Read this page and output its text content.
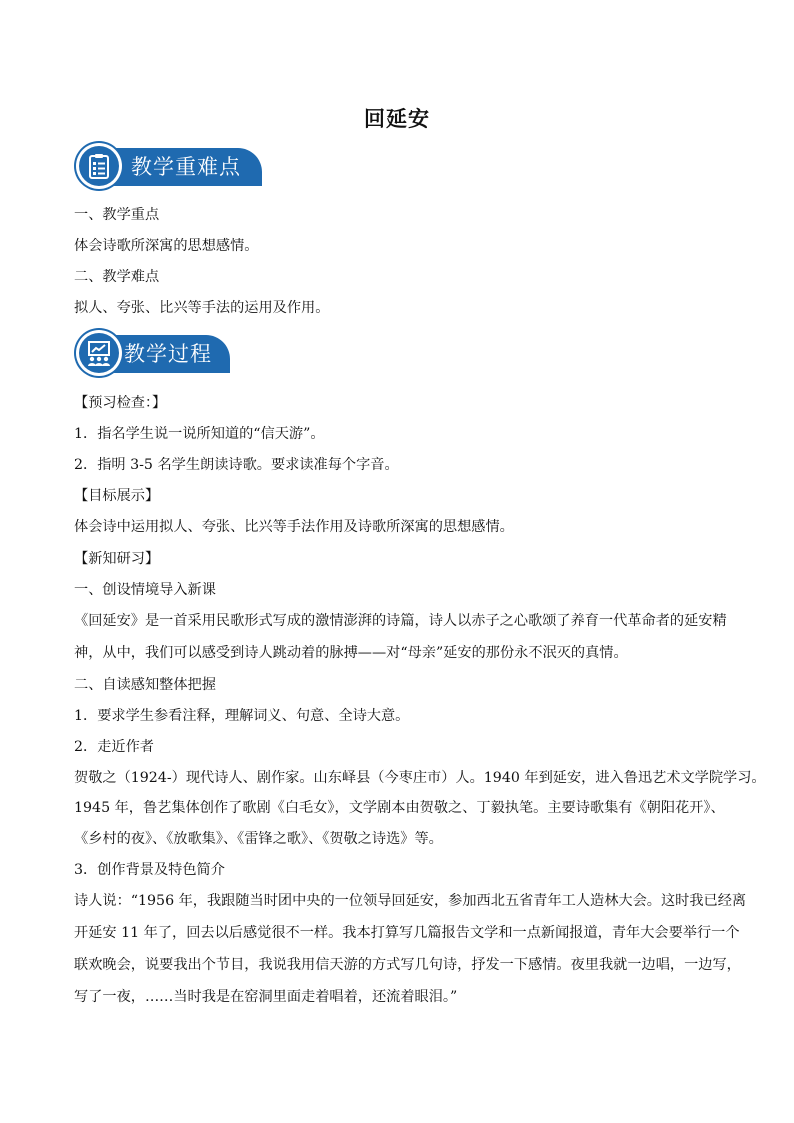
回延安
教学重难点
一、教学重点
体会诗歌所深寓的思想感情。
二、教学难点
拟人、夸张、比兴等手法的运用及作用。
教学过程
【预习检查：】
1．指名学生说一说所知道的“信天游”。
2．指明 3-5 名学生朗读诗歌。要求读准每个字音。
【目标展示】
体会诗中运用拟人、夸张、比兴等手法作用及诗歌所深寓的思想感情。
【新知研习】
一、创设情境导入新课
《回延安》是一首采用民歌形式写成的激情澎湃的诗篇，诗人以赤子之心歌颂了养育一代革命者的延安精
神，从中，我们可以感受到诗人跳动着的脉搏——对“母亲”延安的那份永不泯灭的真情。
二、自读感知整体把握
1．要求学生参看注释，理解词义、句意、全诗大意。
2．走近作者
贺敬之（1924-）现代诗人、剧作家。山东峄县（今枣庄市）人。1940 年到延安，进入鲁迅艺术文学院学习。
1945 年，鲁艺集体创作了歌剧《白毛女》，文学剧本由贺敬之、丁毅执笔。主要诗歌集有《朝阳花开》、
《乡村的夜》、《放歌集》、《雷锋之歌》、《贺敬之诗选》等。
3．创作背景及特色简介
诗人说：“1956 年，我跟随当时团中央的一位领导回延安，参加西北五省青年工人造林大会。这时我已经离
开延安 11 年了，回去以后感觉很不一样。我本打算写几篇报告文学和一点新闻报道，青年大会要举行一个
联欢晚会，说要我出个节目，我说我用信天游的方式写几句诗，抒发一下感情。夜里我就一边唱，一边写，
写了一夜，……当时我是在窑洞里面走着唱着，还流着眼泪。”
